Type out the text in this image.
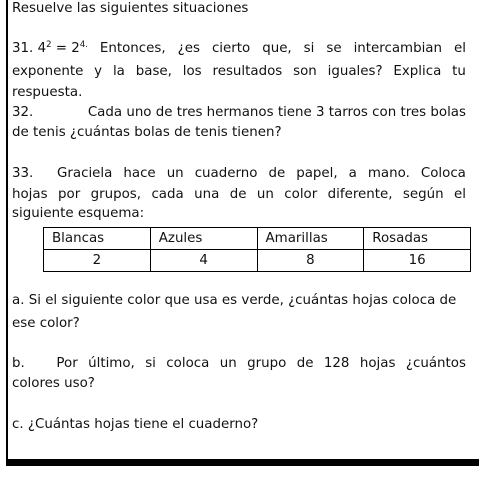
Resuelve las siguientes situaciones
31. $4^2 = 2^{4.}$ Entonces, ¿es cierto que, si se intercambian el
exponente y la base, los resultados son iguales? Explica tu
respuesta.
32.	Cada uno de tres hermanos tiene 3 tarros con tres bolas
de tenis ¿cuántas bolas de tenis tienen?
33.	Graciela hace un cuaderno de papel, a mano. Coloca
hojas por grupos, cada una de un color diferente, según el
siguiente esquema:
Blancas	Azules	Amarillas	Rosadas
2	4	8	16
a. Si el siguiente color que usa es verde, ¿cuántas hojas coloca de
ese color?
b.	Por último, si coloca un grupo de 128 hojas ¿cuántos
colores uso?
c. ¿Cuántas hojas tiene el cuaderno?
